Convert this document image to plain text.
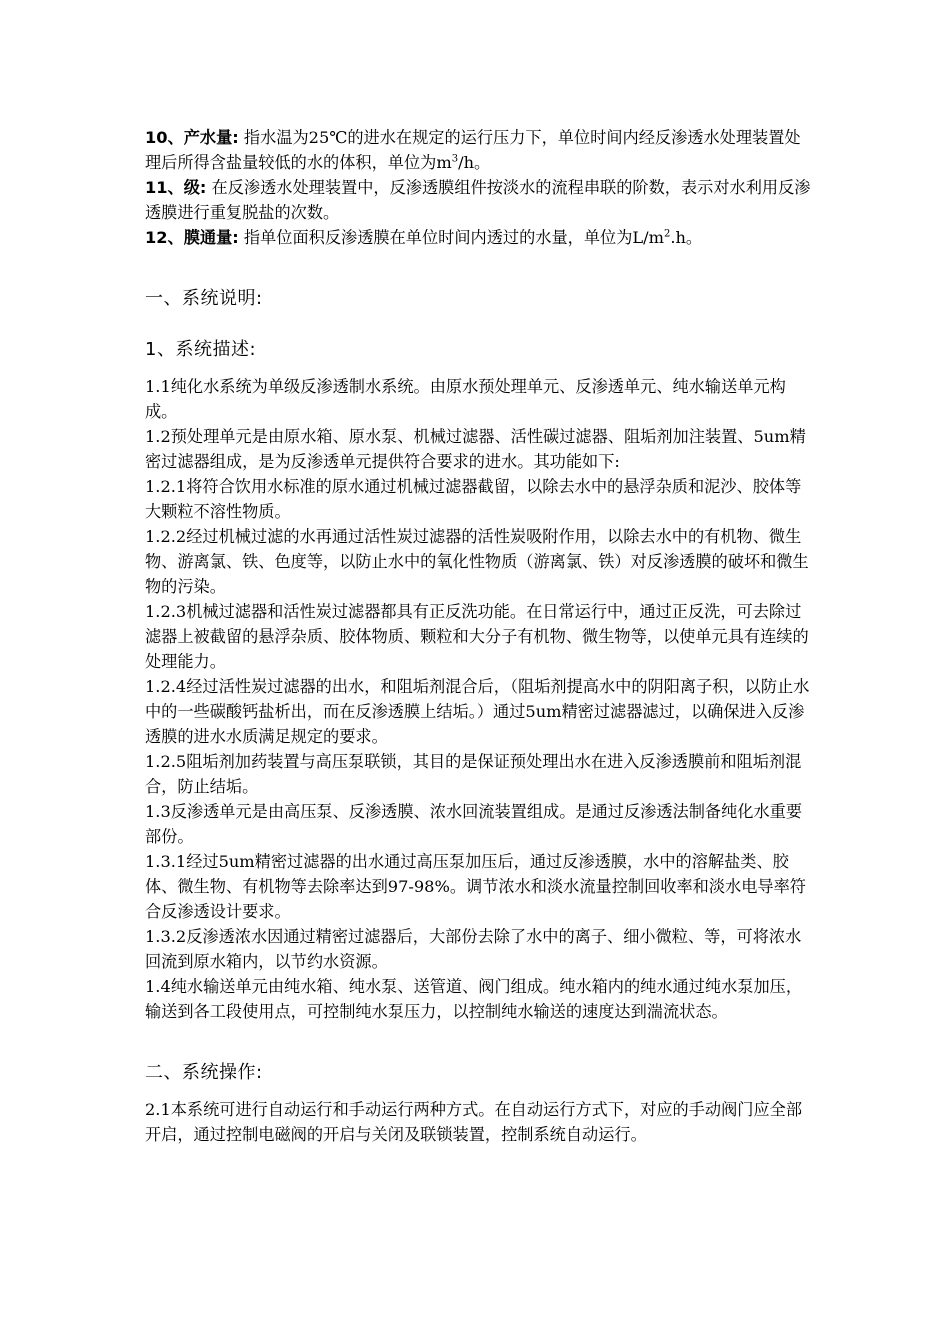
10、产水量: 指水温为25℃的进水在规定的运行压力下，单位时间内经反渗透水处理装置处理后所得含盐量较低的水的体积，单位为$m^3/h$。

11、级: 在反渗透水处理装置中，反渗透膜组件按淡水的流程串联的阶数，表示对水利用反渗透膜进行重复脱盐的次数。

12、膜通量: 指单位面积反渗透膜在单位时间内透过的水量，单位为$L/m^2.h$。

一、系统说明:
1、系统描述:

1.1纯化水系统为单级反渗透制水系统。由原水预处理单元、反渗透单元、纯水输送单元构成。

1.2预处理单元是由原水箱、原水泵、机械过滤器、活性碳过滤器、阻垢剂加注装置、5um精密过滤器组成，是为反渗透单元提供符合要求的进水。其功能如下:

1.2.1将符合饮用水标准的原水通过机械过滤器截留，以除去水中的悬浮杂质和泥沙、胶体等大颗粒不溶性物质。

1.2.2经过机械过滤的水再通过活性炭过滤器的活性炭吸附作用，以除去水中的有机物、微生物、游离氯、铁、色度等，以防止水中的氧化性物质（游离氯、铁）对反渗透膜的破坏和微生物的污染。

1.2.3机械过滤器和活性炭过滤器都具有正反洗功能。在日常运行中，通过正反洗，可去除过滤器上被截留的悬浮杂质、胶体物质、颗粒和大分子有机物、微生物等，以使单元具有连续的处理能力。

1.2.4经过活性炭过滤器的出水，和阻垢剂混合后，（阻垢剂提高水中的阴阳离子积，以防止水中的一些碳酸钙盐析出，而在反渗透膜上结垢。）通过5um精密过滤器滤过，以确保进入反渗透膜的进水水质满足规定的要求。

1.2.5阻垢剂加药装置与高压泵联锁，其目的是保证预处理出水在进入反渗透膜前和阻垢剂混合，防止结垢。

1.3反渗透单元是由高压泵、反渗透膜、浓水回流装置组成。是通过反渗透法制备纯化水重要部份。

1.3.1经过5um精密过滤器的出水通过高压泵加压后，通过反渗透膜，水中的溶解盐类、胶体、微生物、有机物等去除率达到97-98%。调节浓水和淡水流量控制回收率和淡水电导率符合反渗透设计要求。

1.3.2反渗透浓水因通过精密过滤器后，大部份去除了水中的离子、细小微粒、等，可将浓水回流到原水箱内，以节约水资源。

1.4纯水输送单元由纯水箱、纯水泵、送管道、阀门组成。纯水箱内的纯水通过纯水泵加压，输送到各工段使用点，可控制纯水泵压力，以控制纯水输送的速度达到湍流状态。

二、系统操作:

2.1本系统可进行自动运行和手动运行两种方式。在自动运行方式下，对应的手动阀门应全部开启，通过控制电磁阀的开启与关闭及联锁装置，控制系统自动运行。
